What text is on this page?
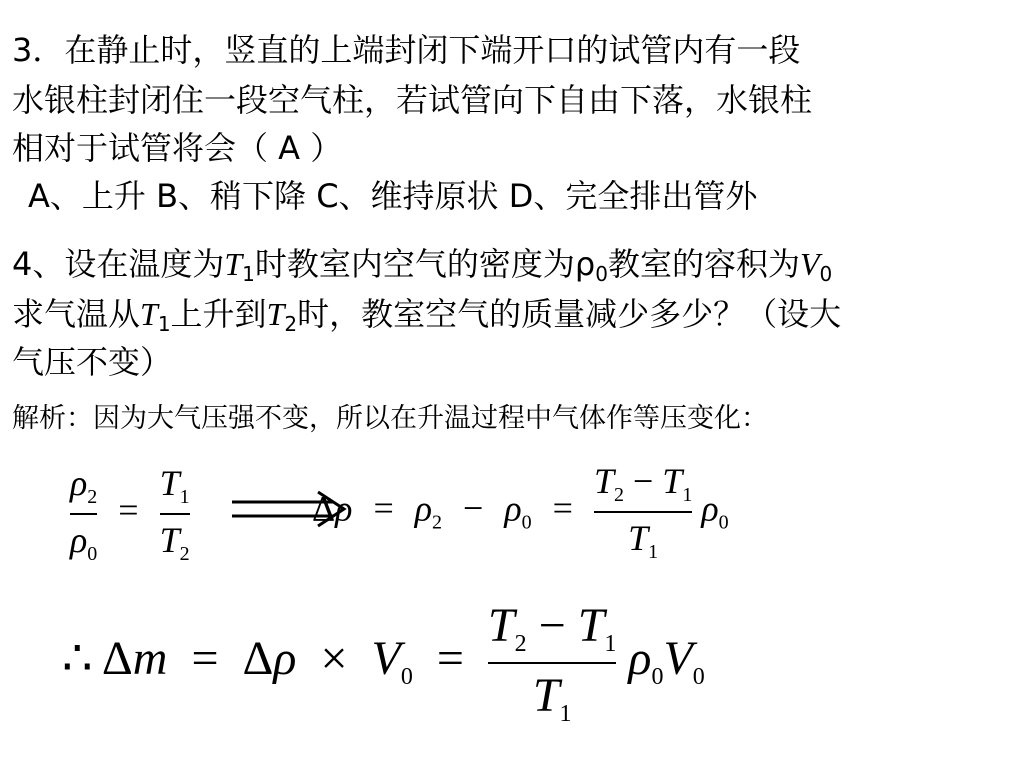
3．在静止时，竖直的上端封闭下端开口的试管内有一段
水银柱封闭住一段空气柱，若试管向下自由下落，水银柱
相对于试管将会（ A ）
A、上升 B、稍下降 C、维持原状 D、完全排出管外
4、设在温度为$T_1$时教室内空气的密度为$\rho_0$教室的容积为$V_0$
求气温从$T_1$上升到$T_2$时，教室空气的质量减少多少？（设大
气压不变）
解析：因为大气压强不变，所以在升温过程中气体作等压变化：
$\frac{\rho_2}{\rho_0} = \frac{T_1}{T_2}$	$\Delta\rho = \rho_2 - \rho_0 = \frac{T_2 - T_1}{T_1} \rho_0$
∴ $\Delta m = \Delta\rho \times V_0 = \frac{T_2 - T_1}{T_1} \rho_0V_0$
